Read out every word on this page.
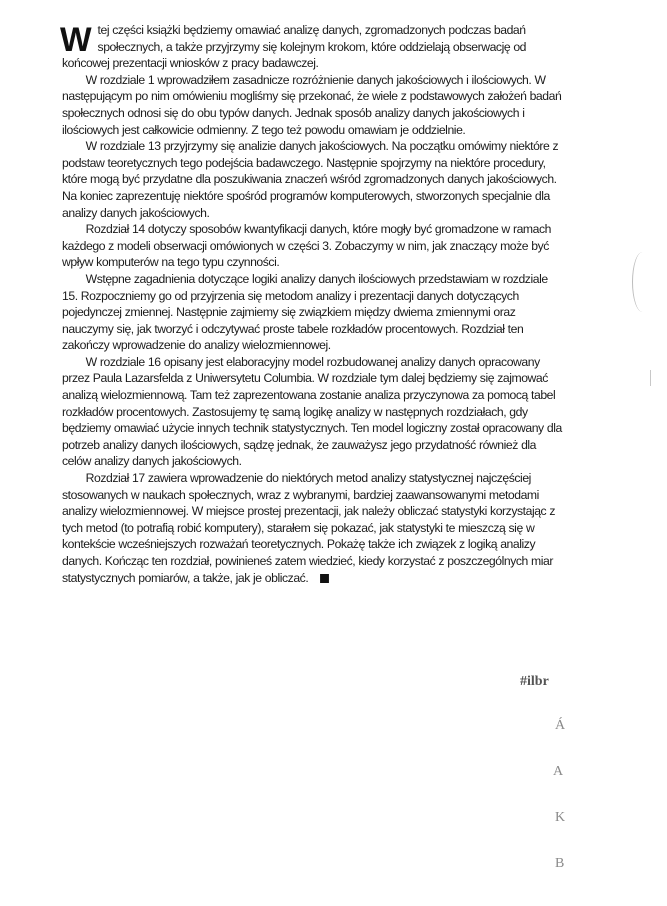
W tej części książki będziemy omawiać analizę danych, zgromadzonych podczas badań społecznych, a także przyjrzymy się kolejnym krokom, które oddzielają obserwację od końcowej prezentacji wniosków z pracy badawczej.

W rozdziale 1 wprowadziłem zasadnicze rozróżnienie danych jakościowych i ilościowych. W następującym po nim omówieniu mogliśmy się przekonać, że wiele z podstawowych założeń badań społecznych odnosi się do obu typów danych. Jednak sposób analizy danych jakościowych i ilościowych jest całkowicie odmienny. Z tego też powodu omawiam je oddzielnie.

W rozdziale 13 przyjrzymy się analizie danych jakościowych. Na początku omówimy niektóre z podstaw teoretycznych tego podejścia badawczego. Następnie spojrzymy na niektóre procedury, które mogą być przydatne dla poszukiwania znaczeń wśród zgromadzonych danych jakościowych. Na koniec zaprezentuję niektóre spośród programów komputerowych, stworzonych specjalnie dla analizy danych jakościowych.

Rozdział 14 dotyczy sposobów kwantyfikacji danych, które mogły być gromadzone w ramach każdego z modeli obserwacji omówionych w części 3. Zobaczymy w nim, jak znaczący może być wpływ komputerów na tego typu czynności.

Wstępne zagadnienia dotyczące logiki analizy danych ilościowych przedstawiam w rozdziale 15. Rozpoczniemy go od przyjrzenia się metodom analizy i prezentacji danych dotyczących pojedynczej zmiennej. Następnie zajmiemy się związkiem między dwiema zmiennymi oraz nauczymy się, jak tworzyć i odczytywać proste tabele rozkładów procentowych. Rozdział ten zakończy wprowadzenie do analizy wielozmiennowej.

W rozdziale 16 opisany jest elaboracyjny model rozbudowanej analizy danych opracowany przez Paula Lazarsfelda z Uniwersytetu Columbia. W rozdziale tym dalej będziemy się zajmować analizą wielozmiennową. Tam też zaprezentowana zostanie analiza przyczynowa za pomocą tabel rozkładów procentowych. Zastosujemy tę samą logikę analizy w następnych rozdziałach, gdy będziemy omawiać użycie innych technik statystycznych. Ten model logiczny został opracowany dla potrzeb analizy danych ilościowych, sądzę jednak, że zauważysz jego przydatność również dla celów analizy danych jakościowych.

Rozdział 17 zawiera wprowadzenie do niektórych metod analizy statystycznej najczęściej stosowanych w naukach społecznych, wraz z wybranymi, bardziej zaawansowanymi metodami analizy wielozmiennowej. W miejsce prostej prezentacji, jak należy obliczać statystyki korzystając z tych metod (to potrafią robić komputery), starałem się pokazać, jak statystyki te mieszczą się w kontekście wcześniejszych rozważań teoretycznych. Pokażę także ich związek z logiką analizy danych. Kończąc ten rozdział, powinieneś zatem wiedzieć, kiedy korzystać z poszczególnych miar statystycznych pomiarów, a także, jak je obliczać.

#ilbr
Á
A
K
B
